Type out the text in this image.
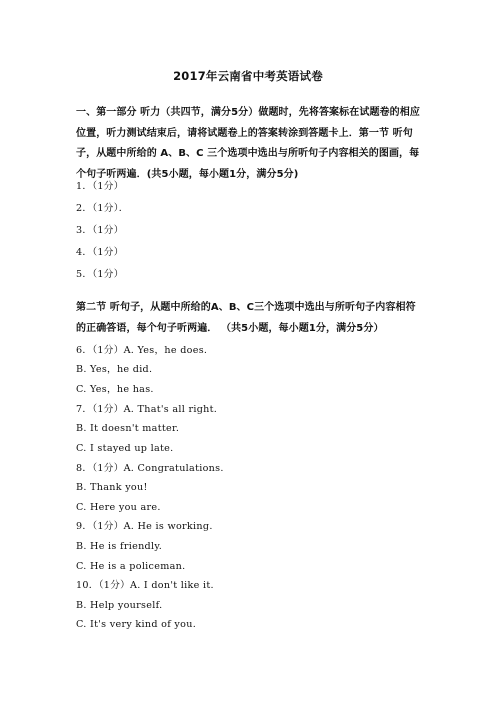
2017年云南省中考英语试卷
一、第一部分 听力（共四节，满分5分）做题时，先将答案标在试题卷的相应位置，听力测试结束后，请将试题卷上的答案转涂到答题卡上．第一节 听句子，从题中所给的 A、B、C 三个选项中选出与所听句子内容相关的图画，每个句子听两遍．(共5小题，每小题1分，满分5分)
1．（1分）
2．（1分）．
3．（1分）
4．（1分）
5．（1分）
第二节 听句子，从题中所给的A、B、C三个选项中选出与所听句子内容相符的正确答语，每个句子听两遍． （共5小题，每小题1分，满分5分）
6．（1分）A. Yes，he does.
B. Yes，he did.
C. Yes，he has.
7．（1分）A. That's all right.
B. It doesn't matter.
C. I stayed up late.
8．（1分）A. Congratulations.
B. Thank you!
C. Here you are.
9．（1分）A. He is working.
B. He is friendly.
C. He is a policeman.
10．（1分）A. I don't like it.
B. Help yourself.
C. It's very kind of you.
